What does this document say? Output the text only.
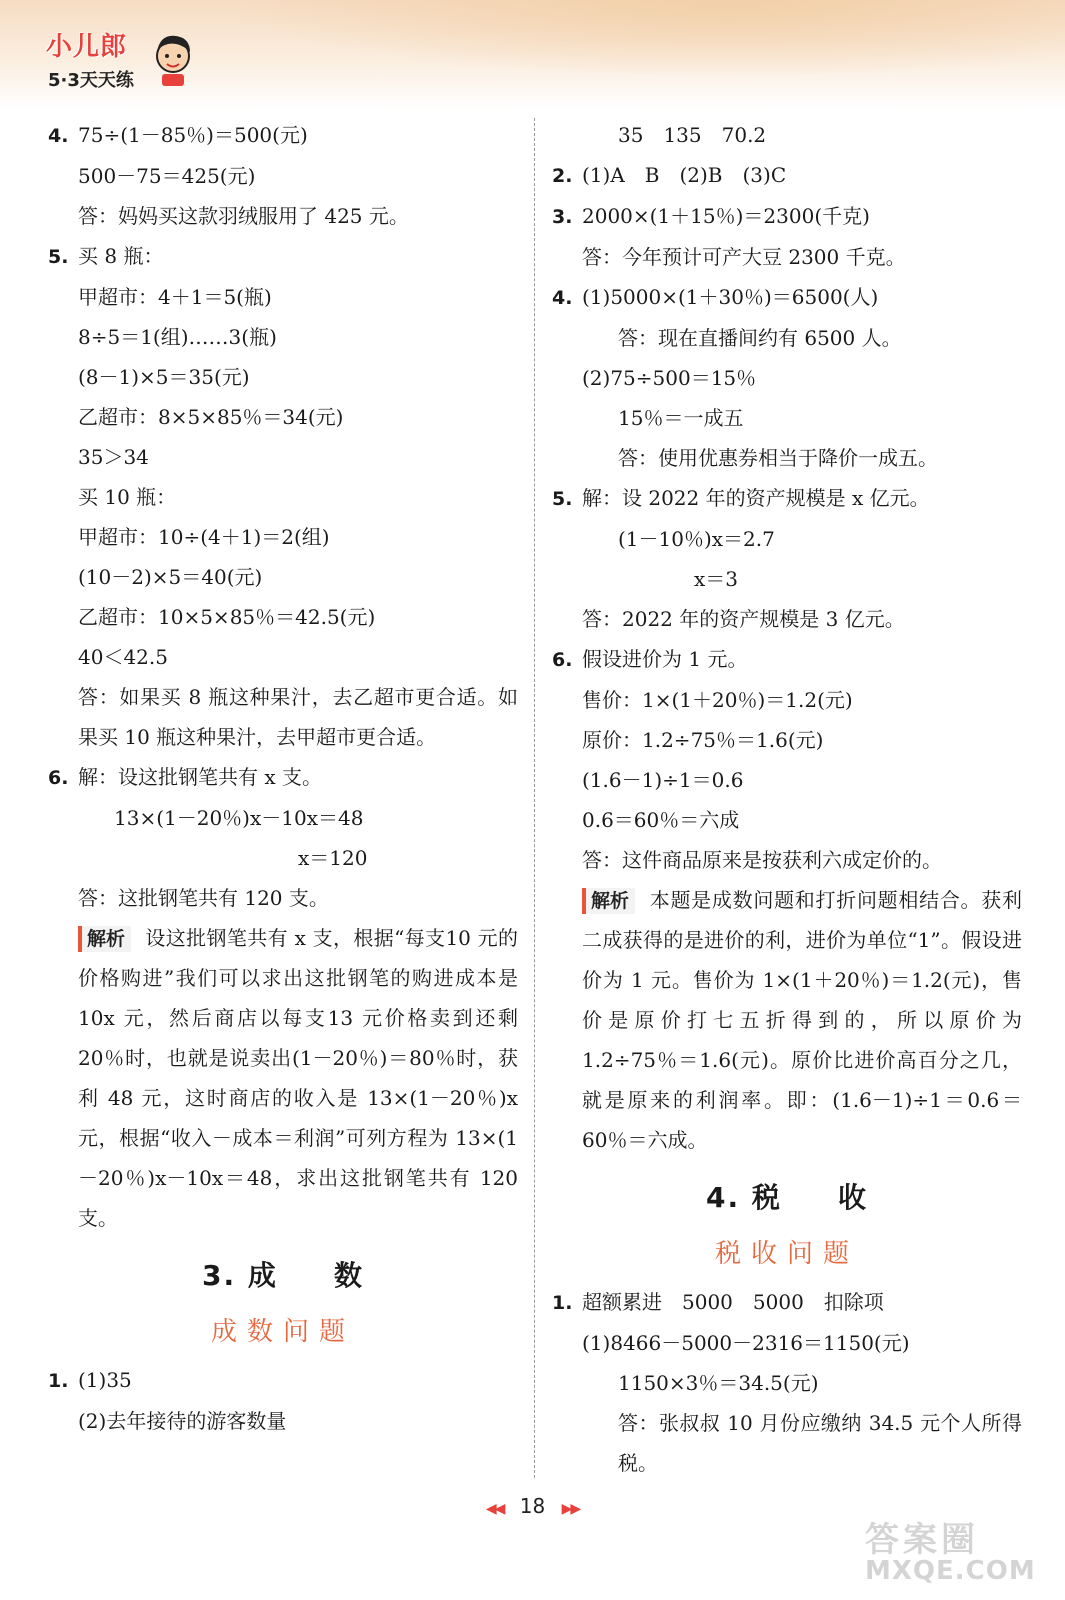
小儿郎
5·3天天练
4. 75÷(1－85％)＝500(元)
500－75＝425(元)
答：妈妈买这款羽绒服用了 425 元。
5. 买 8 瓶：
甲超市：4＋1＝5(瓶)
8÷5＝1(组)……3(瓶)
(8－1)×5＝35(元)
乙超市：8×5×85％＝34(元)
35＞34
买 10 瓶：
甲超市：10÷(4＋1)＝2(组)
(10－2)×5＝40(元)
乙超市：10×5×85％＝42.5(元)
40＜42.5
答：如果买 8 瓶这种果汁，去乙超市更合适。如果买 10 瓶这种果汁，去甲超市更合适。
6. 解：设这批钢笔共有 x 支。
13×(1－20％)x－10x＝48
x＝120
答：这批钢笔共有 120 支。
解析 设这批钢笔共有 x 支，根据“每支10 元的价格购进”我们可以求出这批钢笔的购进成本是 10x 元，然后商店以每支13 元价格卖到还剩 20％时，也就是说卖出(1－20％)＝80％时，获利 48 元，这时商店的收入是 13×(1－20％)x 元，根据“收入－成本＝利润”可列方程为 13×(1－20％)x－10x＝48，求出这批钢笔共有 120 支。
3. 成 数
成数问题
1. (1)35
(2)去年接待的游客数量
35　135　70.2
2. (1)A　B　(2)B　(3)C
3. 2000×(1＋15％)＝2300(千克)
答：今年预计可产大豆 2300 千克。
4. (1)5000×(1＋30％)＝6500(人)
答：现在直播间约有 6500 人。
(2)75÷500＝15％
15％＝一成五
答：使用优惠券相当于降价一成五。
5. 解：设 2022 年的资产规模是 x 亿元。
(1－10％)x＝2.7
x＝3
答：2022 年的资产规模是 3 亿元。
6. 假设进价为 1 元。
售价：1×(1＋20％)＝1.2(元)
原价：1.2÷75％＝1.6(元)
(1.6－1)÷1＝0.6
0.6＝60％＝六成
答：这件商品原来是按获利六成定价的。
解析 本题是成数问题和打折问题相结合。获利二成获得的是进价的利，进价为单位“1”。假设进价为 1 元。售价为 1×(1＋20％)＝1.2(元)，售价是原价打七五折得到的，所以原价为 1.2÷75％＝1.6(元)。原价比进价高百分之几，就是原来的利润率。即：(1.6－1)÷1＝0.6＝60％＝六成。
4. 税 收
税收问题
1. 超额累进　5000　5000　扣除项
(1)8466－5000－2316＝1150(元)
1150×3％＝34.5(元)
答：张叔叔 10 月份应缴纳 34.5 元个人所得税。
◀◀ 18 ▶▶
答案圈
MXQE.COM
